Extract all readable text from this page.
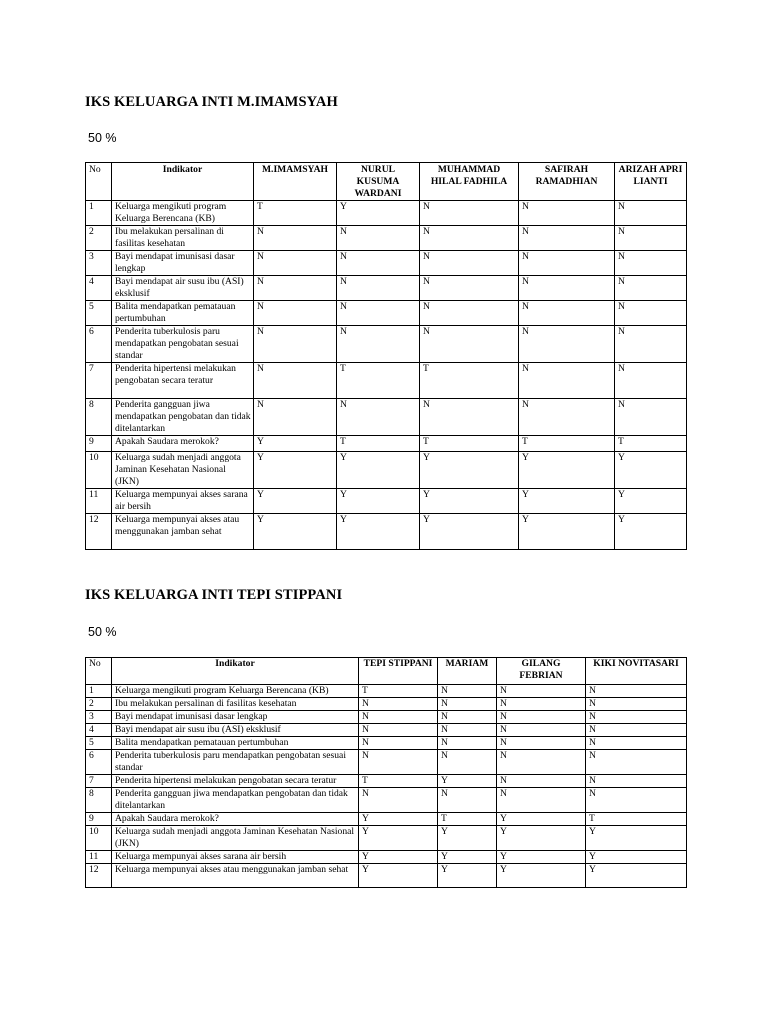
IKS KELUARGA INTI M.IMAMSYAH

50 %

No	Indikator	M.IMAMSYAH	NURUL KUSUMA WARDANI	MUHAMMAD HILAL FADHILA	SAFIRAH RAMADHIAN	ARIZAH APRI LIANTI
1	Keluarga mengikuti program Keluarga Berencana (KB)	T	Y	N	N	N
2	Ibu melakukan persalinan di fasilitas kesehatan	N	N	N	N	N
3	Bayi mendapat imunisasi dasar lengkap	N	N	N	N	N
4	Bayi mendapat air susu ibu (ASI) eksklusif	N	N	N	N	N
5	Balita mendapatkan pematauan pertumbuhan	N	N	N	N	N
6	Penderita tuberkulosis paru mendapatkan pengobatan sesuai standar	N	N	N	N	N
7	Penderita hipertensi melakukan pengobatan secara teratur	N	T	T	N	N
8	Penderita gangguan jiwa mendapatkan pengobatan dan tidak ditelantarkan	N	N	N	N	N
9	Apakah Saudara merokok?	Y	T	T	T	T
10	Keluarga sudah menjadi anggota Jaminan Kesehatan Nasional (JKN)	Y	Y	Y	Y	Y
11	Keluarga mempunyai akses sarana air bersih	Y	Y	Y	Y	Y
12	Keluarga mempunyai akses atau menggunakan jamban sehat	Y	Y	Y	Y	Y
IKS KELUARGA INTI TEPI STIPPANI

50 %

No	Indikator	TEPI STIPPANI	MARIAM	GILANG FEBRIAN	KIKI NOVITASARI
1	Keluarga mengikuti program Keluarga Berencana (KB)	T	N	N	N
2	Ibu melakukan persalinan di fasilitas kesehatan	N	N	N	N
3	Bayi mendapat imunisasi dasar lengkap	N	N	N	N
4	Bayi mendapat air susu ibu (ASI) eksklusif	N	N	N	N
5	Balita mendapatkan pematauan pertumbuhan	N	N	N	N
6	Penderita tuberkulosis paru mendapatkan pengobatan sesuai standar	N	N	N	N
7	Penderita hipertensi melakukan pengobatan secara teratur	T	Y	N	N
8	Penderita gangguan jiwa mendapatkan pengobatan dan tidak ditelantarkan	N	N	N	N
9	Apakah Saudara merokok?	Y	T	Y	T
10	Keluarga sudah menjadi anggota Jaminan Kesehatan Nasional (JKN)	Y	Y	Y	Y
11	Keluarga mempunyai akses sarana air bersih	Y	Y	Y	Y
12	Keluarga mempunyai akses atau menggunakan jamban sehat	Y	Y	Y	Y
